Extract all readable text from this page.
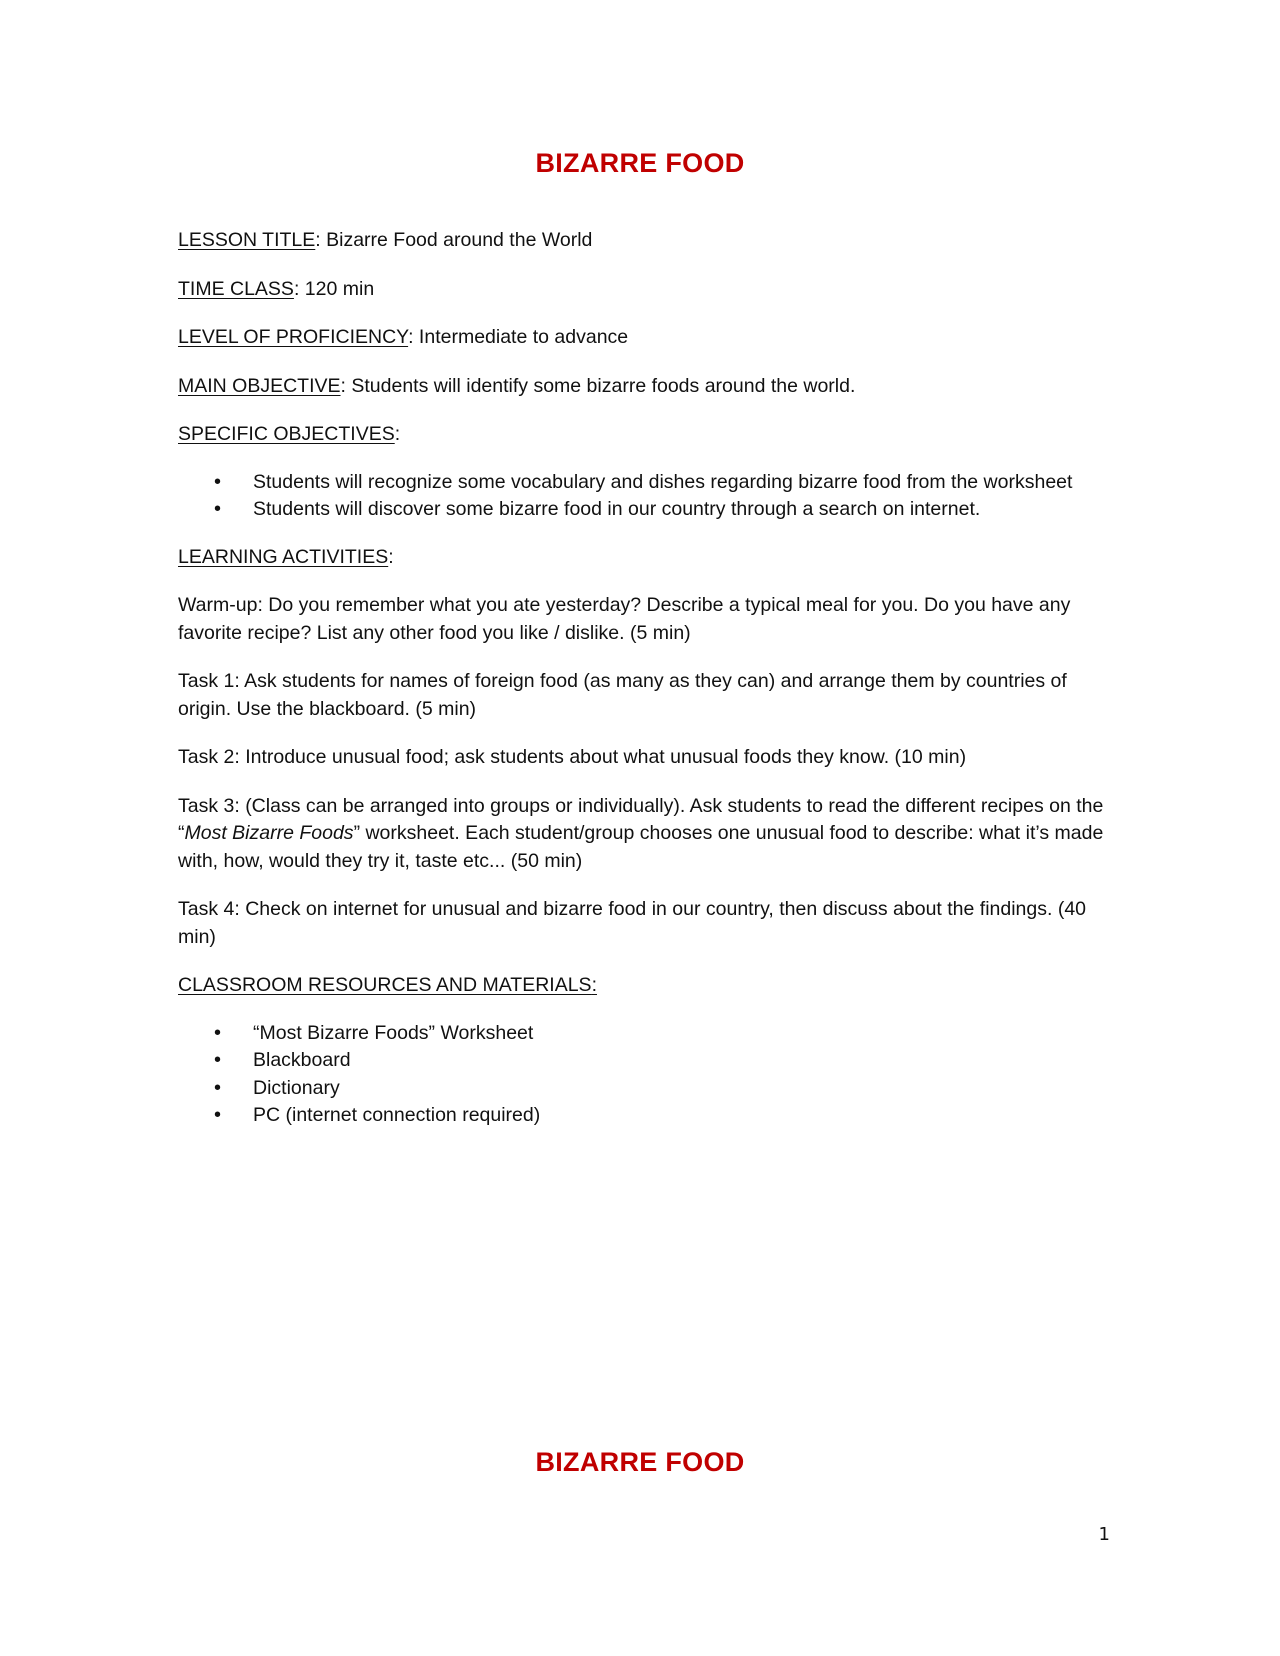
BIZARRE FOOD

LESSON TITLE: Bizarre Food around the World

TIME CLASS: 120 min

LEVEL OF PROFICIENCY: Intermediate to advance

MAIN OBJECTIVE: Students will identify some bizarre foods around the world.

SPECIFIC OBJECTIVES:

• Students will recognize some vocabulary and dishes regarding bizarre food from the worksheet
• Students will discover some bizarre food in our country through a search on internet.

LEARNING ACTIVITIES:

Warm-up: Do you remember what you ate yesterday? Describe a typical meal for you. Do you have any favorite recipe? List any other food you like / dislike. (5 min)

Task 1: Ask students for names of foreign food (as many as they can) and arrange them by countries of origin. Use the blackboard. (5 min)

Task 2: Introduce unusual food; ask students about what unusual foods they know. (10 min)

Task 3: (Class can be arranged into groups or individually). Ask students to read the different recipes on the “Most Bizarre Foods” worksheet. Each student/group chooses one unusual food to describe: what it’s made with, how, would they try it, taste etc... (50 min)

Task 4: Check on internet for unusual and bizarre food in our country, then discuss about the findings. (40 min)

CLASSROOM RESOURCES AND MATERIALS:

• “Most Bizarre Foods” Worksheet
• Blackboard
• Dictionary
• PC (internet connection required)
BIZARRE FOOD
1
